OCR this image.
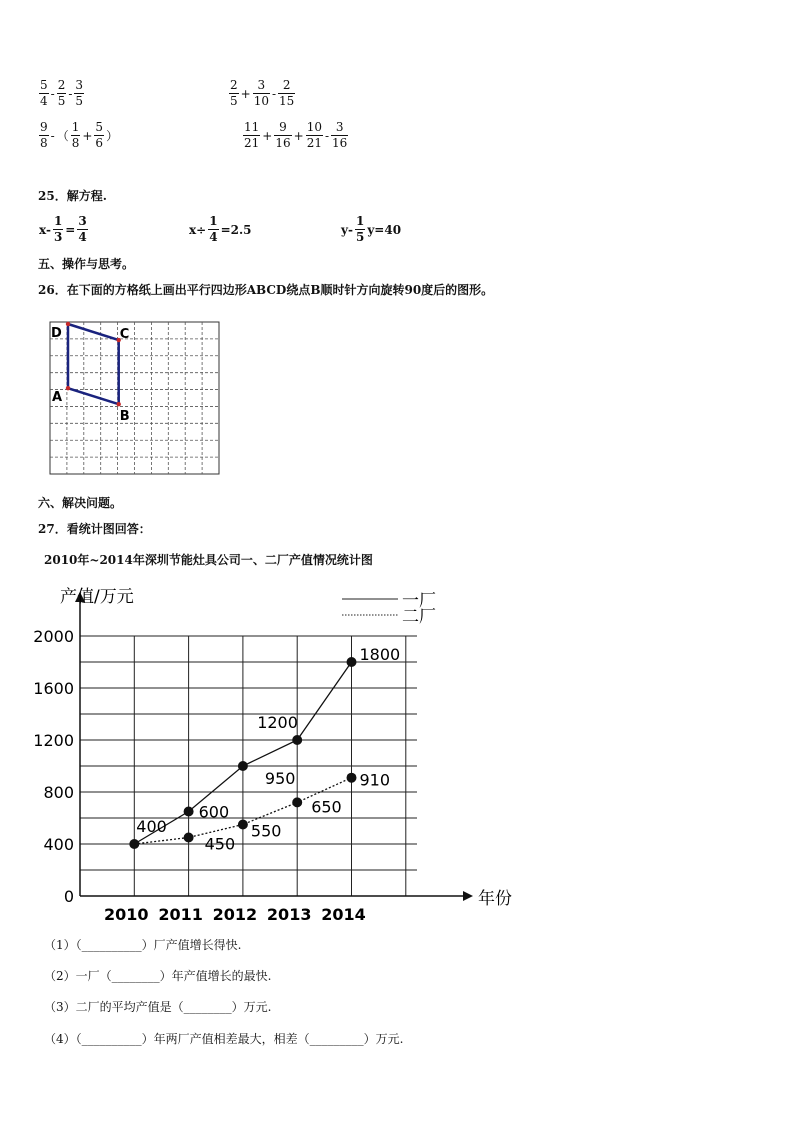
$\frac{5}{4} - \frac{2}{5} - \frac{3}{5}$	$\frac{2}{5} + \frac{3}{10} - \frac{2}{15}$
$\frac{9}{8}$ - （ $\frac{1}{8} + \frac{5}{6}$ ）	$\frac{11}{21} + \frac{9}{16} + \frac{10}{21} - \frac{3}{16}$
25．解方程.
$x- \frac{1}{3} = \frac{3}{4}$	$x\div \frac{1}{4} =2.5$	$y- \frac{1}{5} y=40$
五、操作与思考。
26．在下面的方格纸上画出平行四边形ABCD绕点B顺时针方向旋转90度后的图形。
D	C
A
B
六、解决问题。
27．看统计图回答：
2010年~2014年深圳节能灶具公司一、二厂产值情况统计图
0
400
800
1200
1600
2000
2010 2011 2012 2013 2014
400
1200
1800
600
950
450
550
650
910
产值/万元
年份
一厂
二厂
（1）（__________）厂产值增长得快.
（2）一厂（________）年产值增长的最快.
（3）二厂的平均产值是（________）万元.
（4）（__________）年两厂产值相差最大，相差（_________）万元.
